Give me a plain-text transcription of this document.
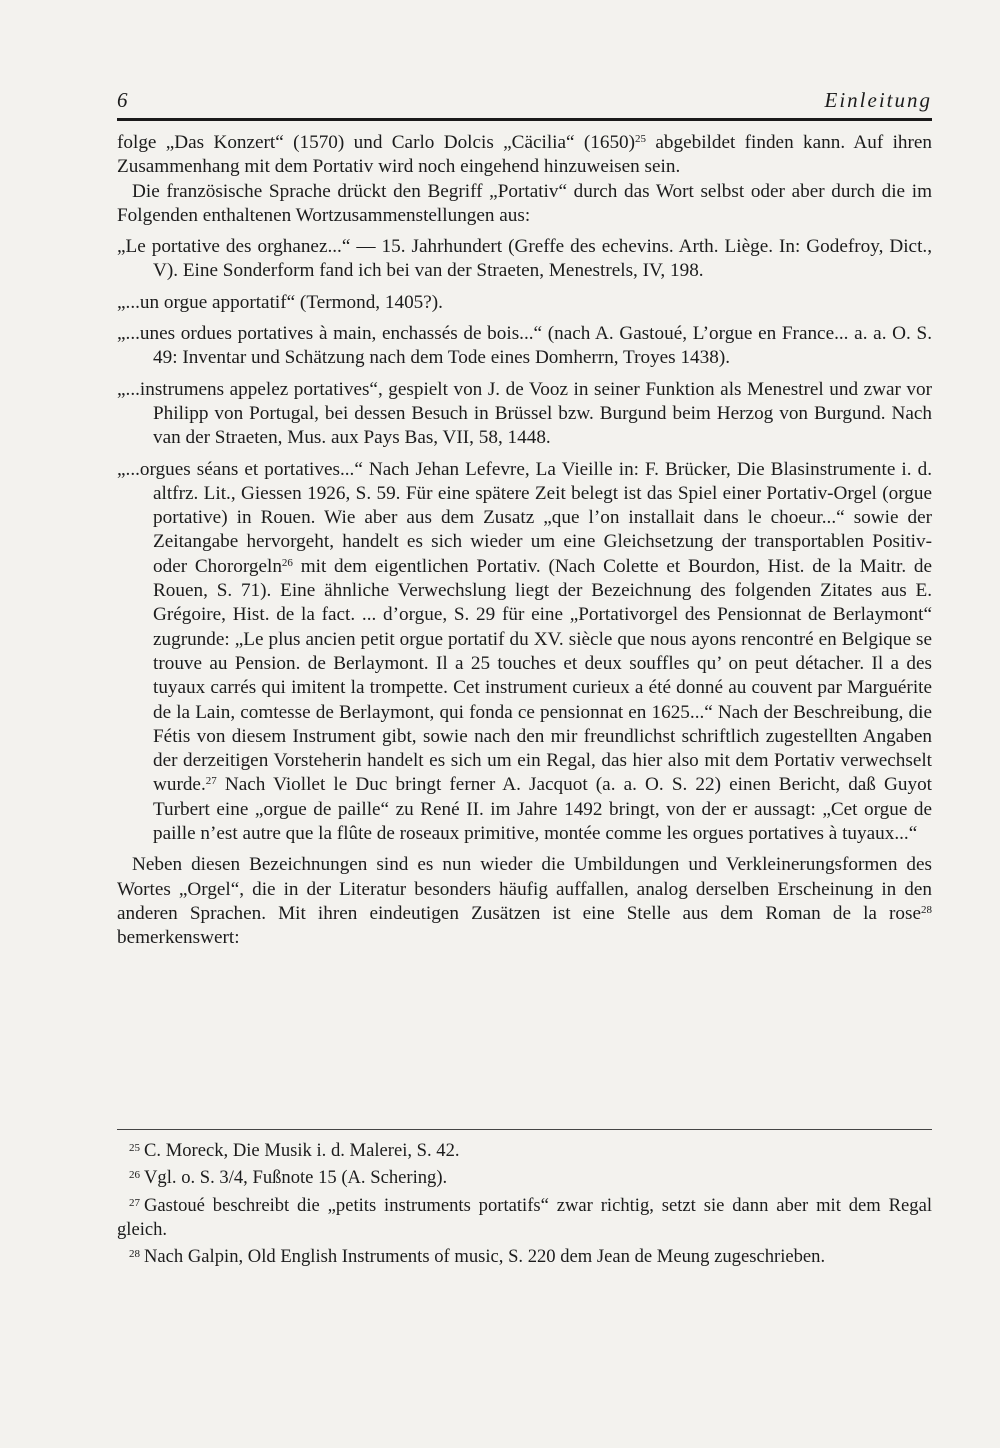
6	Einleitung

folge „Das Konzert“ (1570) und Carlo Dolcis „Cäcilia“ $(1650)^{25}$ abgebildet finden kann. Auf ihren Zusammenhang mit dem Portativ wird noch eingehend hinzuweisen sein.

Die französische Sprache drückt den Begriff „Portativ“ durch das Wort selbst oder aber durch die im Folgenden enthaltenen Wortzusammenstellungen aus:

„Le portative des orghanez...“ — 15. Jahrhundert (Greffe des echevins. Arth. Liège. In: Godefroy, Dict., V). Eine Sonderform fand ich bei van der Straeten, Menestrels, IV, 198.

„...un orgue apportatif“ (Termond, 1405?).

„...unes ordues portatives à main, enchassés de bois...“ (nach A. Gastoué, L’orgue en France... a. a. O. S. 49: Inventar und Schätzung nach dem Tode eines Domherrn, Troyes 1438).

„...instrumens appelez portatives“, gespielt von J. de Vooz in seiner Funktion als Menestrel und zwar vor Philipp von Portugal, bei dessen Besuch in Brüssel bzw. Burgund beim Herzog von Burgund. Nach van der Straeten, Mus. aux Pays Bas, VII, 58, 1448.

„...orgues séans et portatives...“ Nach Jehan Lefevre, La Vieille in: F. Brücker, Die Blasinstrumente i. d. altfrz. Lit., Giessen 1926, S. 59. Für eine spätere Zeit belegt ist das Spiel einer Portativ-Orgel (orgue portative) in Rouen. Wie aber aus dem Zusatz „que l’on installait dans le choeur...“ sowie der Zeitangabe hervorgeht, handelt es sich wieder um eine Gleichsetzung der transportablen Positiv- oder Chororgeln$^{26}$ mit dem eigentlichen Portativ. (Nach Colette et Bourdon, Hist. de la Maitr. de Rouen, S. 71). Eine ähnliche Verwechslung liegt der Bezeichnung des folgenden Zitates aus E. Grégoire, Hist. de la fact. ... d’orgue, S. 29 für eine „Portativorgel des Pensionnat de Berlaymont“ zugrunde: „Le plus ancien petit orgue portatif du XV. siècle que nous ayons rencontré en Belgique se trouve au Pension. de Berlaymont. Il a 25 touches et deux souffles qu’ on peut détacher. Il a des tuyaux carrés qui imitent la trompette. Cet instrument curieux a été donné au couvent par Marguérite de la Lain, comtesse de Berlaymont, qui fonda ce pensionnat en 1625...“ Nach der Beschreibung, die Fétis von diesem Instrument gibt, sowie nach den mir freundlichst schriftlich zugestellten Angaben der derzeitigen Vorsteherin handelt es sich um ein Regal, das hier also mit dem Portativ verwechselt wurde.$^{27}$ Nach Viollet le Duc bringt ferner A. Jacquot (a. a. O. S. 22) einen Bericht, daß Guyot Turbert eine „orgue de paille“ zu René II. im Jahre 1492 bringt, von der er aussagt: „Cet orgue de paille n’est autre que la flûte de roseaux primitive, montée comme les orgues portatives à tuyaux...“

Neben diesen Bezeichnungen sind es nun wieder die Umbildungen und Verkleinerungsformen des Wortes „Orgel“, die in der Literatur besonders häufig auffallen, analog derselben Erscheinung in den anderen Sprachen. Mit ihren eindeutigen Zusätzen ist eine Stelle aus dem Roman de la rose$^{28}$ bemerkenswert:

$^{25}$ C. Moreck, Die Musik i. d. Malerei, S. 42.

$^{26}$ Vgl. o. S. 3/4, Fußnote 15 (A. Schering).

$^{27}$ Gastoué beschreibt die „petits instruments portatifs“ zwar richtig, setzt sie dann aber mit dem Regal gleich.

$^{28}$ Nach Galpin, Old English Instruments of music, S. 220 dem Jean de Meung zugeschrieben.
